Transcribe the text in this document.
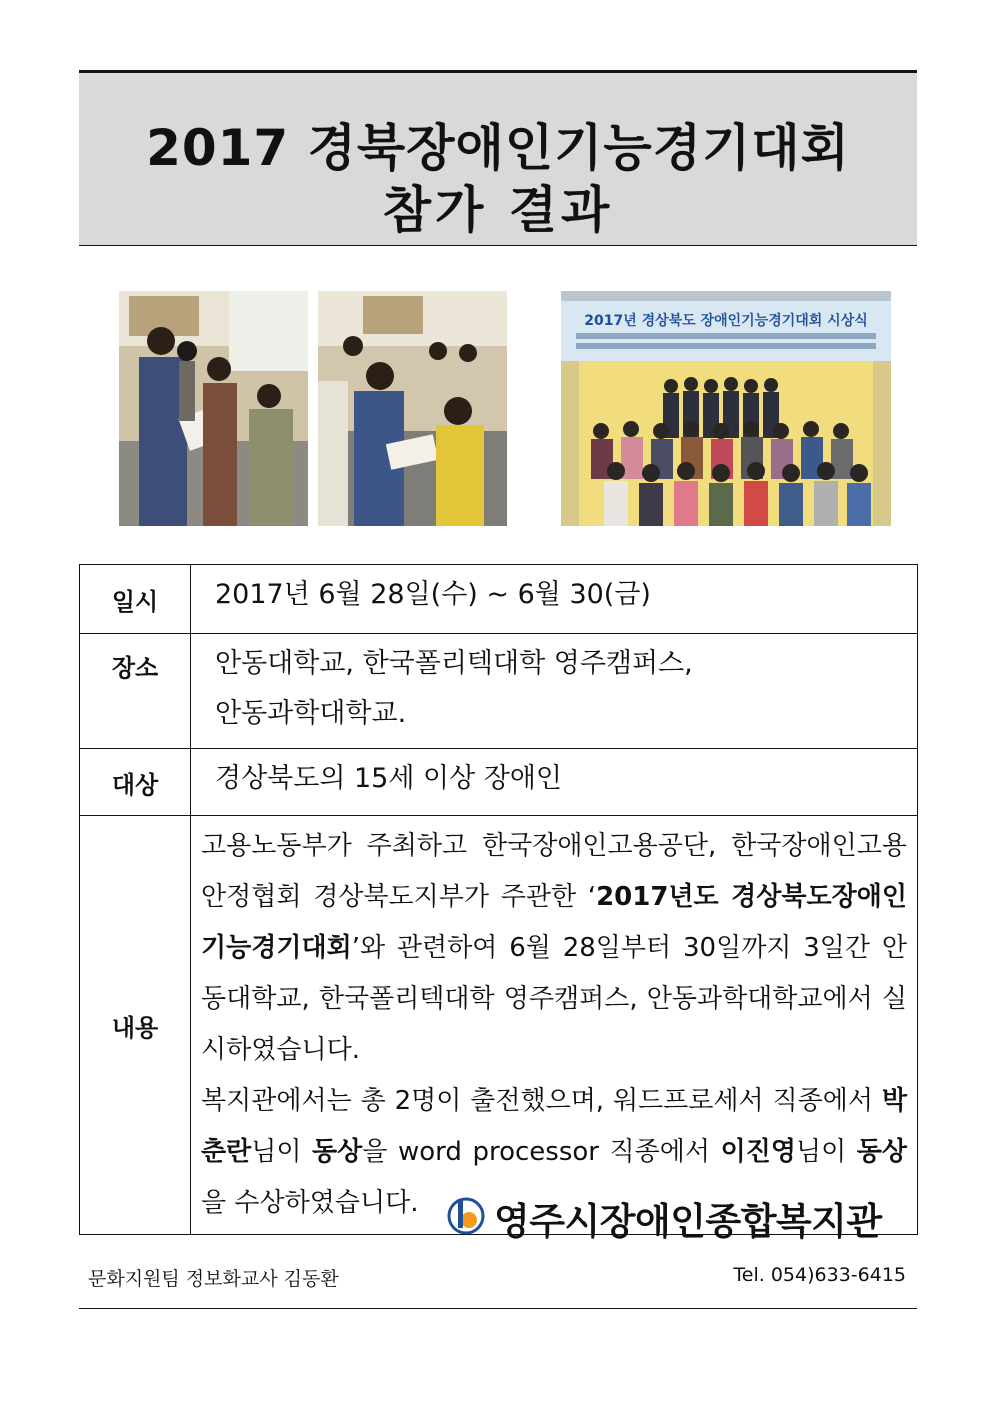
2017 경북장애인기능경기대회
참가 결과
2017년 경상북도 장애인기능경기대회 시상식
일시	2017년 6월 28일(수) ~ 6월 30(금)

장소	안동대학교, 한국폴리텍대학 영주캠퍼스,
안동과학대학교.

대상	경상북도의 15세 이상 장애인
내용	고용노동부가 주최하고 한국장애인고용공단, 한국장애인고용안정협회 경상북도지부가 주관한 ‘2017년도 경상북도장애인기능경기대회’와 관련하여 6월 28일부터 30일까지 3일간 안동대학교, 한국폴리텍대학 영주캠퍼스, 안동과학대학교에서 실시하였습니다.
복지관에서는 총 2명이 출전했으며, 워드프로세서 직종에서 박춘란님이 동상을 word processor 직종에서 이진영님이 동상을 수상하였습니다.	영주시장애인종합복지관
문화지원팀 정보화교사 김동환	Tel. 054)633-6415
